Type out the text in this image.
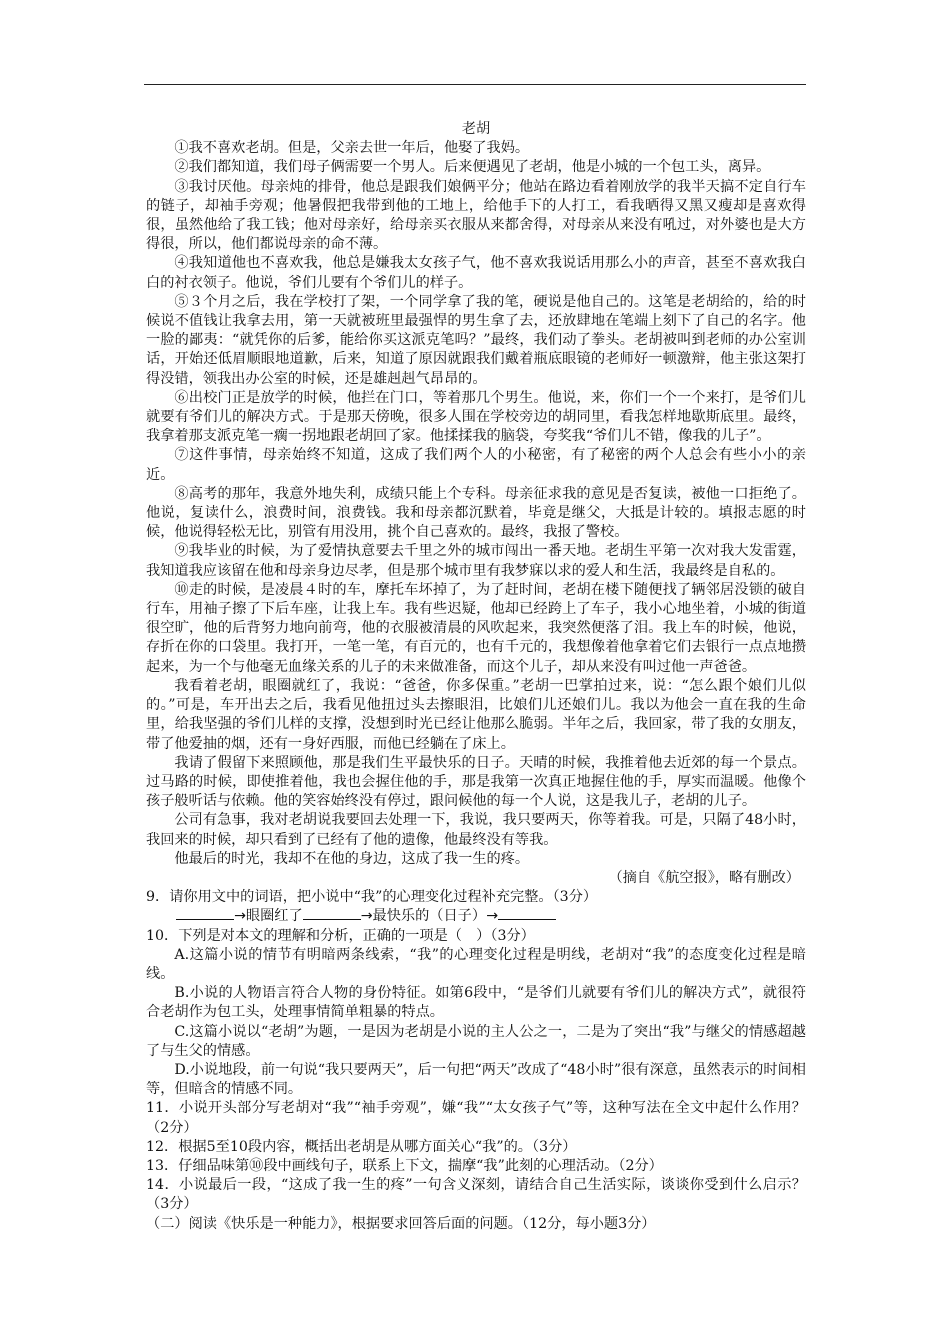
老胡

①我不喜欢老胡。但是，父亲去世一年后，他娶了我妈。

②我们都知道，我们母子俩需要一个男人。后来便遇见了老胡，他是小城的一个包工头，离异。

③我讨厌他。母亲炖的排骨，他总是跟我们娘俩平分；他站在路边看着刚放学的我半天搞不定自行车的链子，却袖手旁观；他暑假把我带到他的工地上，给他手下的人打工，看我晒得又黑又瘦却是喜欢得很，虽然他给了我工钱；他对母亲好，给母亲买衣服从来都舍得，对母亲从来没有吼过，对外婆也是大方得很，所以，他们都说母亲的命不薄。

④我知道他也不喜欢我，他总是嫌我太女孩子气，他不喜欢我说话用那么小的声音，甚至不喜欢我白白的衬衣领子。他说，爷们儿要有个爷们儿的样子。

⑤３个月之后，我在学校打了架，一个同学拿了我的笔，硬说是他自己的。这笔是老胡给的，给的时候说不值钱让我拿去用，第一天就被班里最强悍的男生拿了去，还放肆地在笔端上刻下了自己的名字。他一脸的鄙夷：“就凭你的后爹，能给你买这派克笔吗？”最终，我们动了拳头。老胡被叫到老师的办公室训话，开始还低眉顺眼地道歉，后来，知道了原因就跟我们戴着瓶底眼镜的老师好一顿激辩，他主张这架打得没错，领我出办公室的时候，还是雄赳赳气昂昂的。

⑥出校门正是放学的时候，他拦在门口，等着那几个男生。他说，来，你们一个一个来打，是爷们儿就要有爷们儿的解决方式。于是那天傍晚，很多人围在学校旁边的胡同里，看我怎样地歇斯底里。最终，我拿着那支派克笔一瘸一拐地跟老胡回了家。他揉揉我的脑袋，夸奖我“爷们儿不错，像我的儿子”。

⑦这件事情，母亲始终不知道，这成了我们两个人的小秘密，有了秘密的两个人总会有些小小的亲近。

⑧高考的那年，我意外地失利，成绩只能上个专科。母亲征求我的意见是否复读，被他一口拒绝了。他说，复读什么，浪费时间，浪费钱。我和母亲都沉默着，毕竟是继父，大抵是计较的。填报志愿的时候，他说得轻松无比，别管有用没用，挑个自己喜欢的。最终，我报了警校。

⑨我毕业的时候，为了爱情执意要去千里之外的城市闯出一番天地。老胡生平第一次对我大发雷霆，我知道我应该留在他和母亲身边尽孝，但是那个城市里有我梦寐以求的爱人和生活，我最终是自私的。

⑩走的时候，是凌晨４时的车，摩托车坏掉了，为了赶时间，老胡在楼下随便找了辆邻居没锁的破自行车，用袖子擦了下后车座，让我上车。我有些迟疑，他却已经跨上了车子，我小心地坐着，小城的街道很空旷，他的后背努力地向前弯，他的衣服被清晨的风吹起来，我突然便落了泪。我上车的时候，他说，存折在你的口袋里。我打开，一笔一笔，有百元的，也有千元的，我想像着他拿着它们去银行一点点地攒起来，为一个与他毫无血缘关系的儿子的未来做准备，而这个儿子，却从来没有叫过他一声爸爸。

我看着老胡，眼圈就红了，我说：“爸爸，你多保重。”老胡一巴掌拍过来，说：“怎么跟个娘们儿似的。”可是，车开出去之后，我看见他扭过头去擦眼泪，比娘们儿还娘们儿。我以为他会一直在我的生命里，给我坚强的爷们儿样的支撑，没想到时光已经让他那么脆弱。半年之后，我回家，带了我的女朋友，带了他爱抽的烟，还有一身好西服，而他已经躺在了床上。

我请了假留下来照顾他，那是我们生平最快乐的日子。天晴的时候，我推着他去近郊的每一个景点。过马路的时候，即使推着他，我也会握住他的手，那是我第一次真正地握住他的手，厚实而温暖。他像个孩子般听话与依赖。他的笑容始终没有停过，跟问候他的每一个人说，这是我儿子，老胡的儿子。

公司有急事，我对老胡说我要回去处理一下，我说，我只要两天，你等着我。可是，只隔了48小时，我回来的时候，却只看到了已经有了他的遗像，他最终没有等我。

他最后的时光，我却不在他的身边，这成了我一生的疼。

（摘自《航空报》，略有删改）

9．请你用文中的词语，把小说中“我”的心理变化过程补充完整。（3分）

→眼圈红了	→最快乐的（日子）→

10．下列是对本文的理解和分析，正确的一项是（　）（3分）

A.这篇小说的情节有明暗两条线索，“我”的心理变化过程是明线，老胡对“我”的态度变化过程是暗线。

B.小说的人物语言符合人物的身份特征。如第6段中，“是爷们儿就要有爷们儿的解决方式”，就很符合老胡作为包工头，处理事情简单粗暴的特点。

C.这篇小说以“老胡”为题，一是因为老胡是小说的主人公之一，二是为了突出“我”与继父的情感超越了与生父的情感。

D.小说地段，前一句说“我只要两天”，后一句把“两天”改成了“48小时”很有深意，虽然表示的时间相等，但暗含的情感不同。

11．小说开头部分写老胡对“我”“袖手旁观”，嫌“我”“太女孩子气”等，这种写法在全文中起什么作用？（2分）

12．根据5至10段内容，概括出老胡是从哪方面关心“我”的。（3分）

13．仔细品味第⑩段中画线句子，联系上下文，揣摩“我”此刻的心理活动。（2分）

14．小说最后一段，“这成了我一生的疼”一句含义深刻，请结合自己生活实际，谈谈你受到什么启示？（3分）

（二）阅读《快乐是一种能力》，根据要求回答后面的问题。（12分，每小题3分）
